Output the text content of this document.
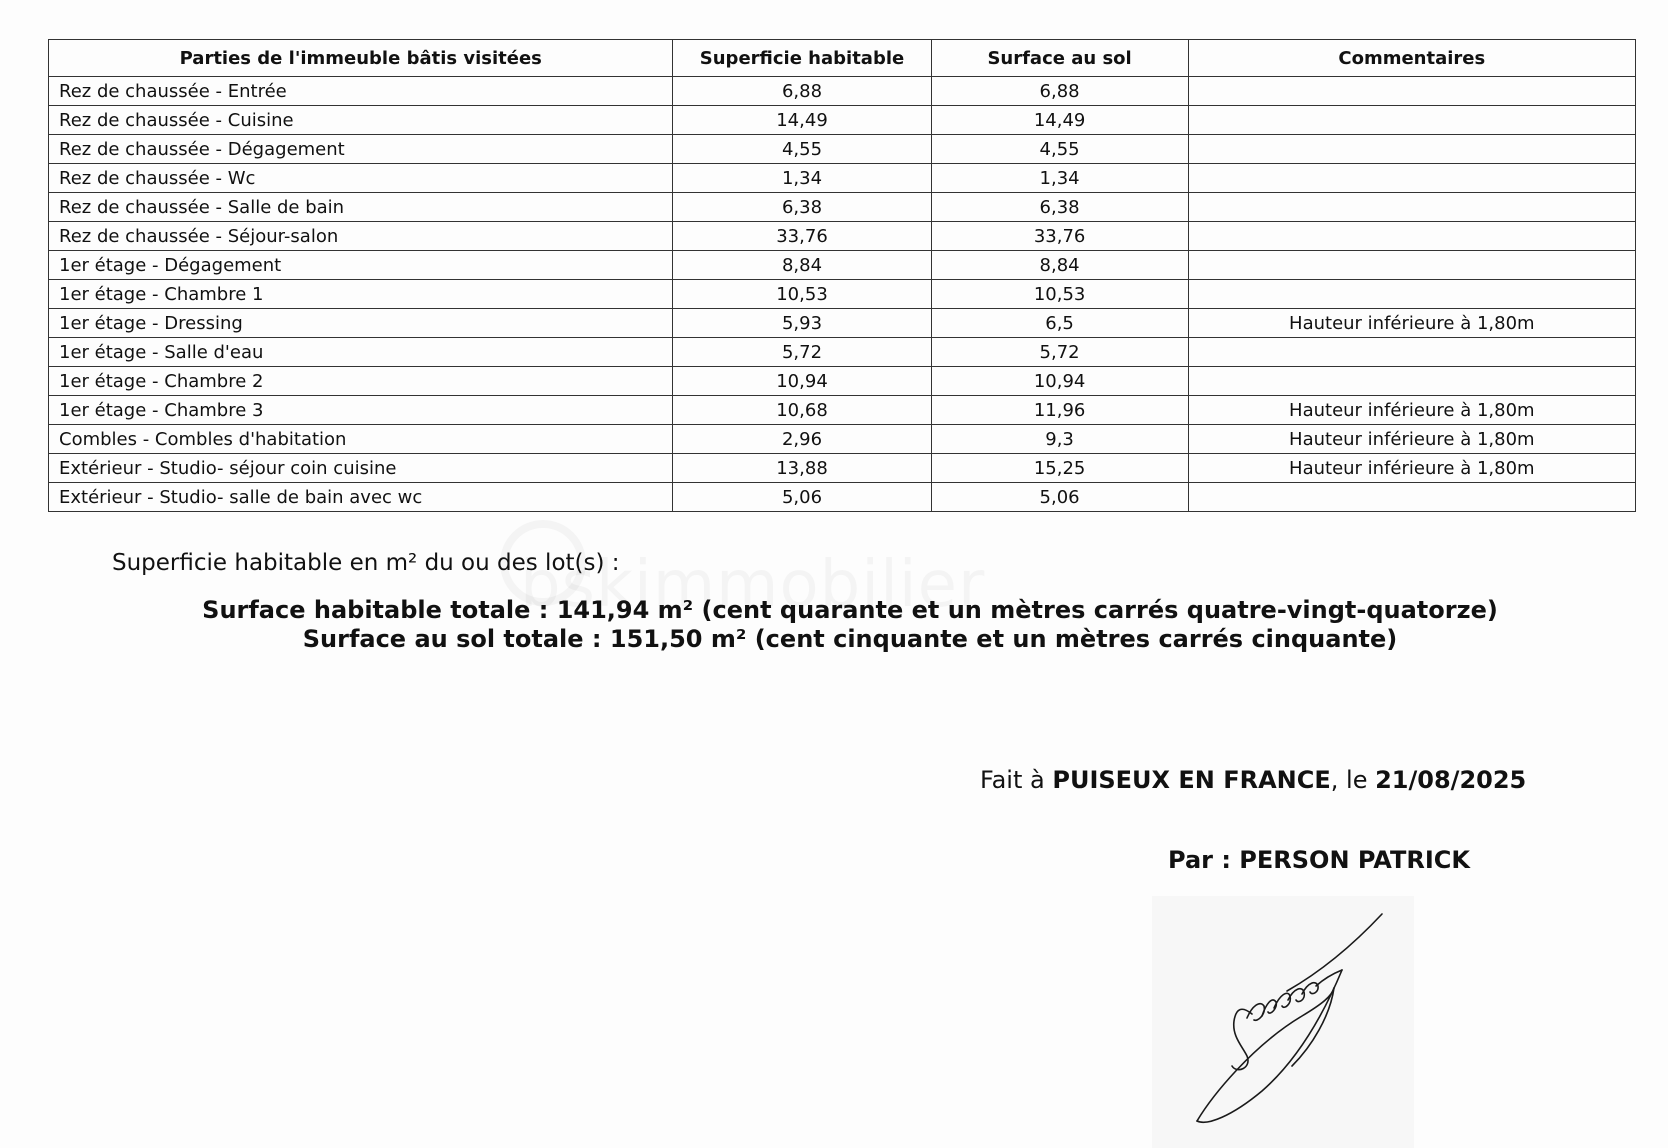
Parties de l'immeuble bâtis visitées	Superficie habitable	Surface au sol	Commentaires
Rez de chaussée - Entrée	6,88	6,88	
Rez de chaussée - Cuisine	14,49	14,49	
Rez de chaussée - Dégagement	4,55	4,55	
Rez de chaussée - Wc	1,34	1,34	
Rez de chaussée - Salle de bain	6,38	6,38	
Rez de chaussée - Séjour-salon	33,76	33,76	
1er étage - Dégagement	8,84	8,84	
1er étage - Chambre 1	10,53	10,53	
1er étage - Dressing	5,93	6,5	Hauteur inférieure à 1,80m
1er étage - Salle d'eau	5,72	5,72	
1er étage - Chambre 2	10,94	10,94	
1er étage - Chambre 3	10,68	11,96	Hauteur inférieure à 1,80m
Combles - Combles d'habitation	2,96	9,3	Hauteur inférieure à 1,80m
Extérieur - Studio- séjour coin cuisine	13,88	15,25	Hauteur inférieure à 1,80m
Extérieur - Studio- salle de bain avec wc	5,06	5,06	
Superficie habitable en m² du ou des lot(s) :
Surface habitable totale : 141,94 m² (cent quarante et un mètres carrés quatre-vingt-quatorze)
Surface au sol totale : 151,50 m² (cent cinquante et un mètres carrés cinquante)
Fait à PUISEUX EN FRANCE, le 21/08/2025
Par : PERSON PATRICK
